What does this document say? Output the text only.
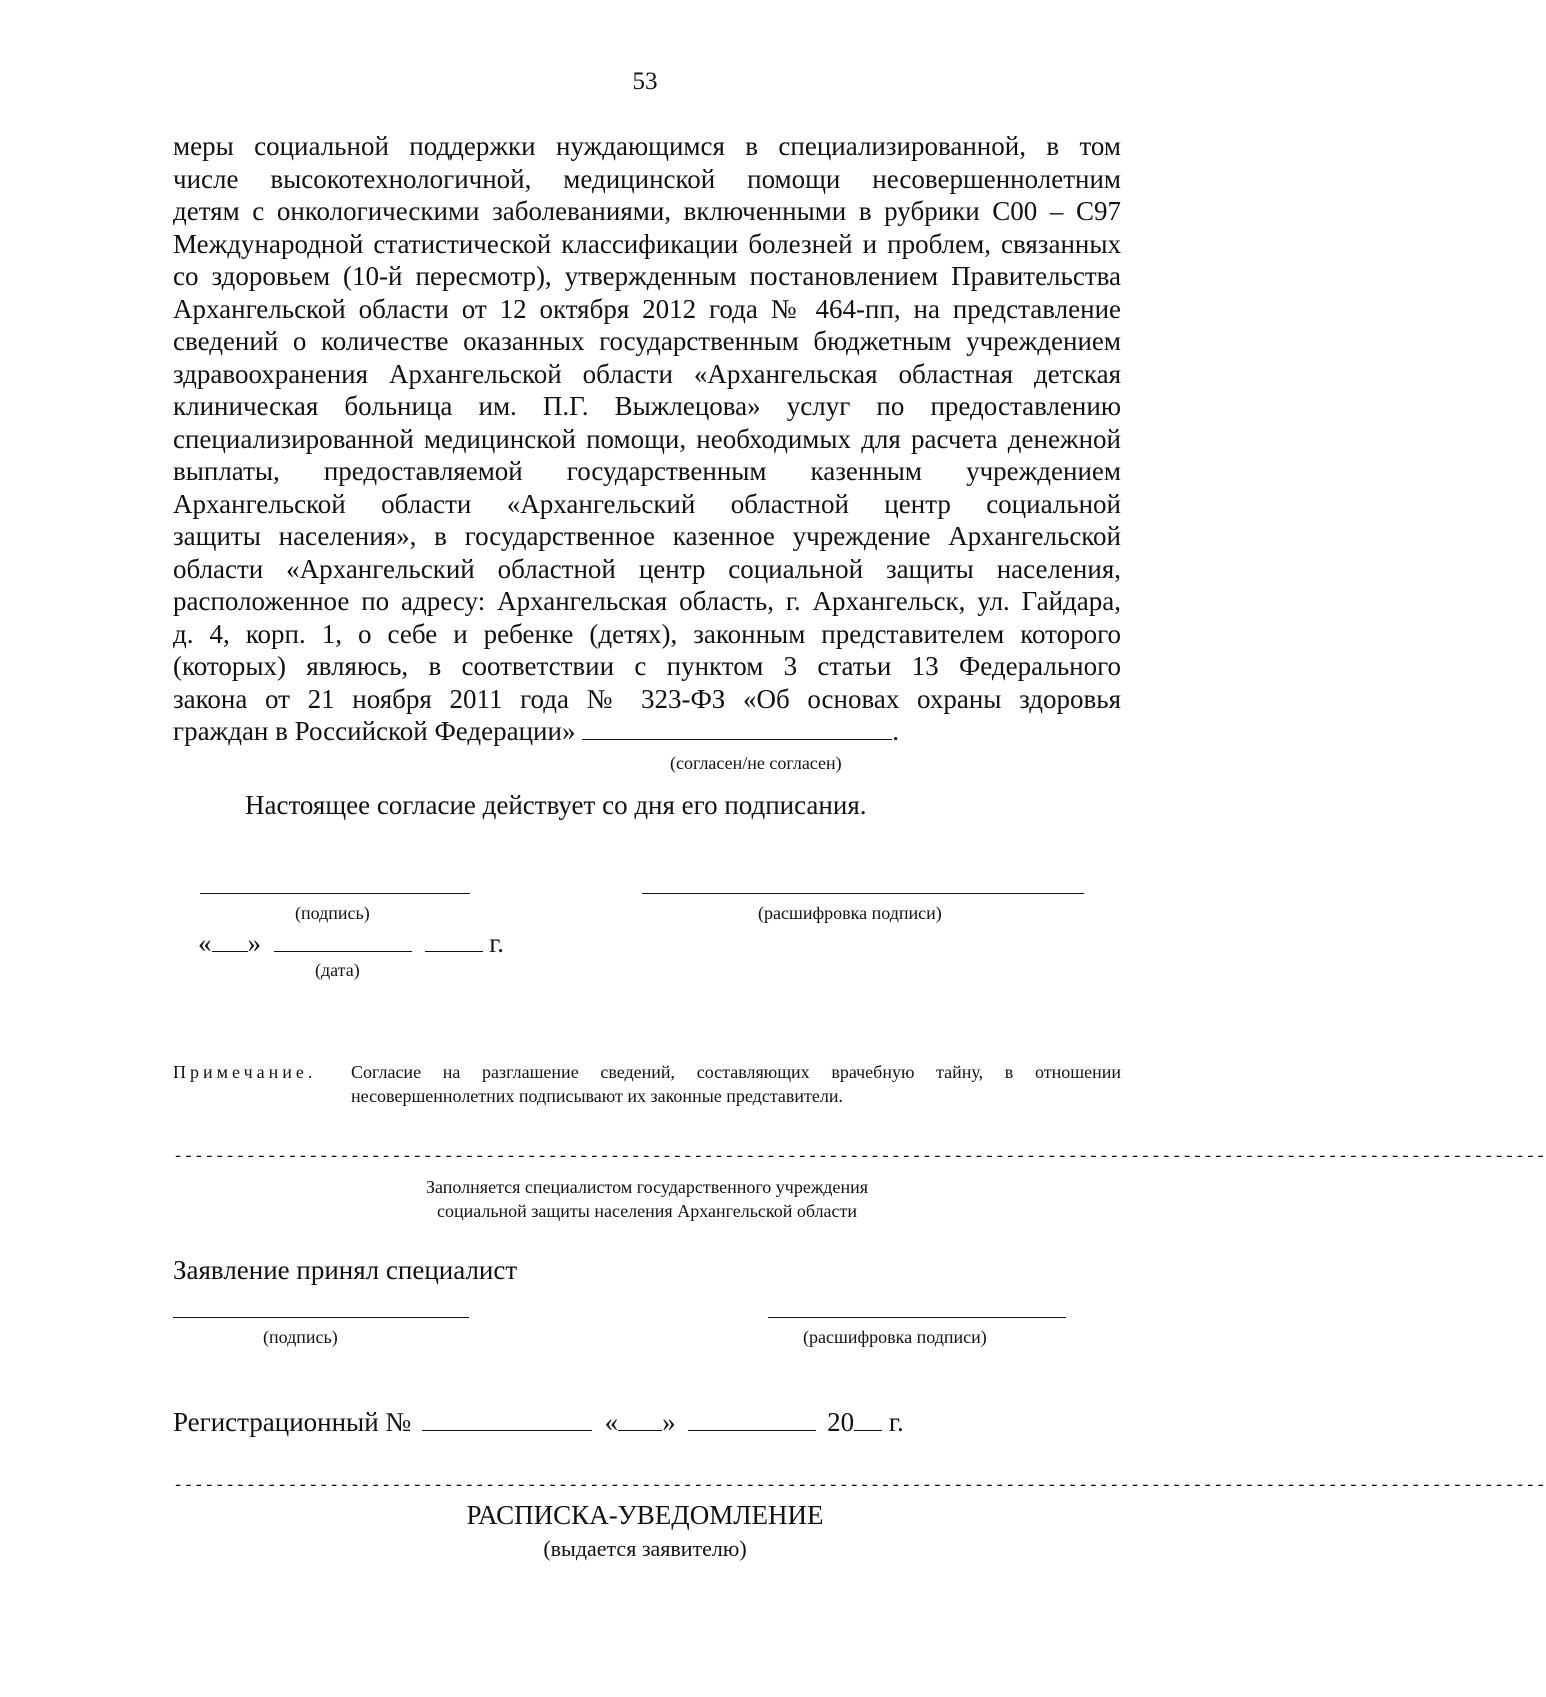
53
меры социальной поддержки нуждающимся в специализированной, в том
числе высокотехнологичной, медицинской помощи несовершеннолетним
детям с онкологическими заболеваниями, включенными в рубрики С00 – С97
Международной статистической классификации болезней и проблем, связанных
со здоровьем (10-й пересмотр), утвержденным постановлением Правительства
Архангельской области от 12 октября 2012 года № 464-пп, на представление
сведений о количестве оказанных государственным бюджетным учреждением
здравоохранения Архангельской области «Архангельская областная детская
клиническая больница им. П.Г. Выжлецова» услуг по предоставлению
специализированной медицинской помощи, необходимых для расчета денежной
выплаты, предоставляемой государственным казенным учреждением
Архангельской области «Архангельский областной центр социальной
защиты населения», в государственное казенное учреждение Архангельской
области «Архангельский областной центр социальной защиты населения,
расположенное по адресу: Архангельская область, г. Архангельск, ул. Гайдара,
д. 4, корп. 1, о себе и ребенке (детях), законным представителем которого
(которых) являюсь, в соответствии с пунктом 3 статьи 13 Федерального
закона от 21 ноября 2011 года № 323-ФЗ «Об основах охраны здоровья
граждан в Российской Федерации»	.
(согласен/не согласен)
Настоящее согласие действует со дня его подписания.
(подпись)	(расшифровка подписи)
« »	г.
(дата)
Примечание. Согласие на разглашение сведений, составляющих врачебную тайну, в отношении
несовершеннолетних подписывают их законные представители.
------------------------------------------------------------------------------------------------------------------------------------
Заполняется специалистом государственного учреждения
социальной защиты населения Архангельской области
Заявление принял специалист
(подпись)	(расшифровка подписи)
Регистрационный №	« »	20 г.
------------------------------------------------------------------------------------------------------------------------------------
РАСПИСКА-УВЕДОМЛЕНИЕ
(выдается заявителю)
